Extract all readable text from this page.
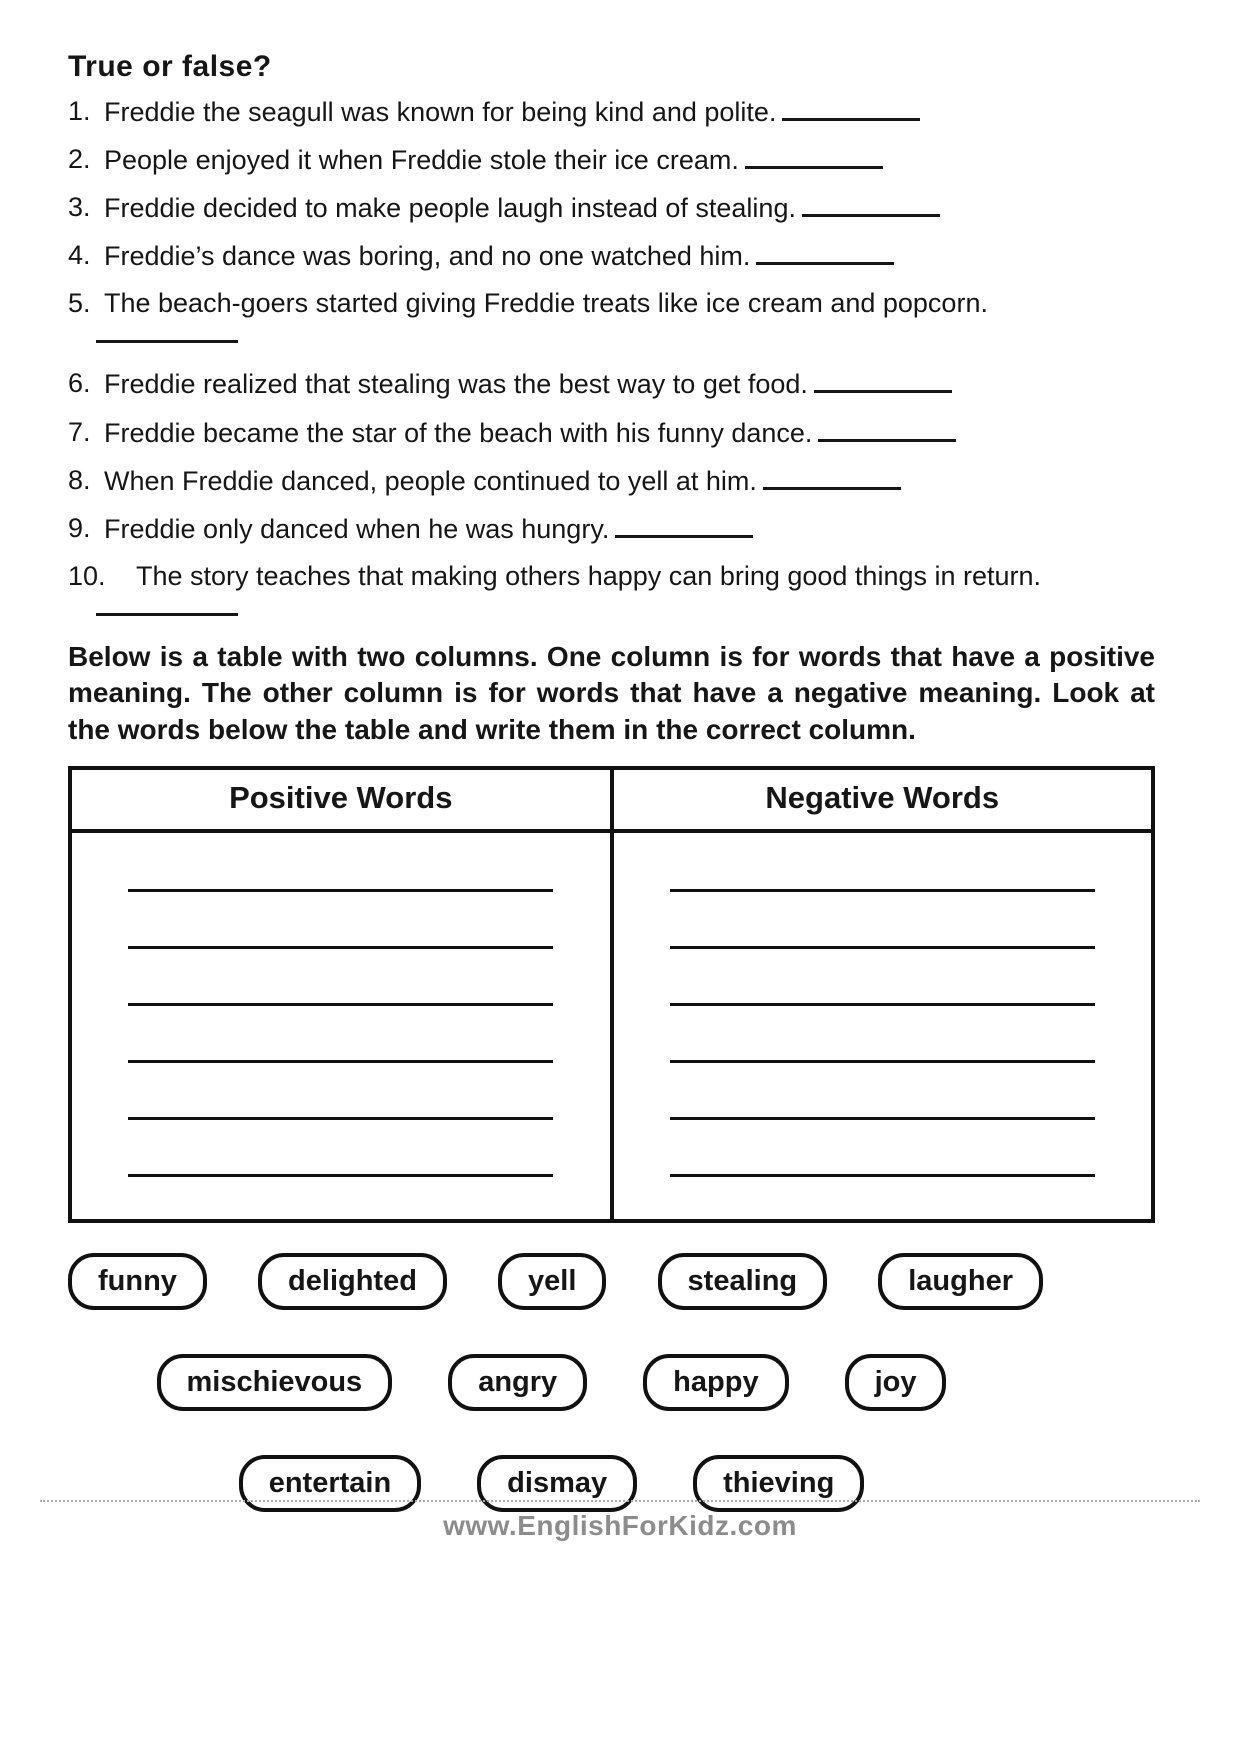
True or false?
1. Freddie the seagull was known for being kind and polite.
2. People enjoyed it when Freddie stole their ice cream.
3. Freddie decided to make people laugh instead of stealing.
4. Freddie’s dance was boring, and no one watched him.
5. The beach-goers started giving Freddie treats like ice cream and popcorn.
6. Freddie realized that stealing was the best way to get food.
7. Freddie became the star of the beach with his funny dance.
8. When Freddie danced, people continued to yell at him.
9. Freddie only danced when he was hungry.
10.	The story teaches that making others happy can bring good things in return.
Below is a table with two columns. One column is for words that have a positive meaning. The other column is for words that have a negative meaning. Look at the words below the table and write them in the correct column.
Positive Words	Negative Words
funny	delighted	yell	stealing	laugher
mischievous	angry	happy	joy
entertain	dismay	thieving
www.EnglishForKidz.com
